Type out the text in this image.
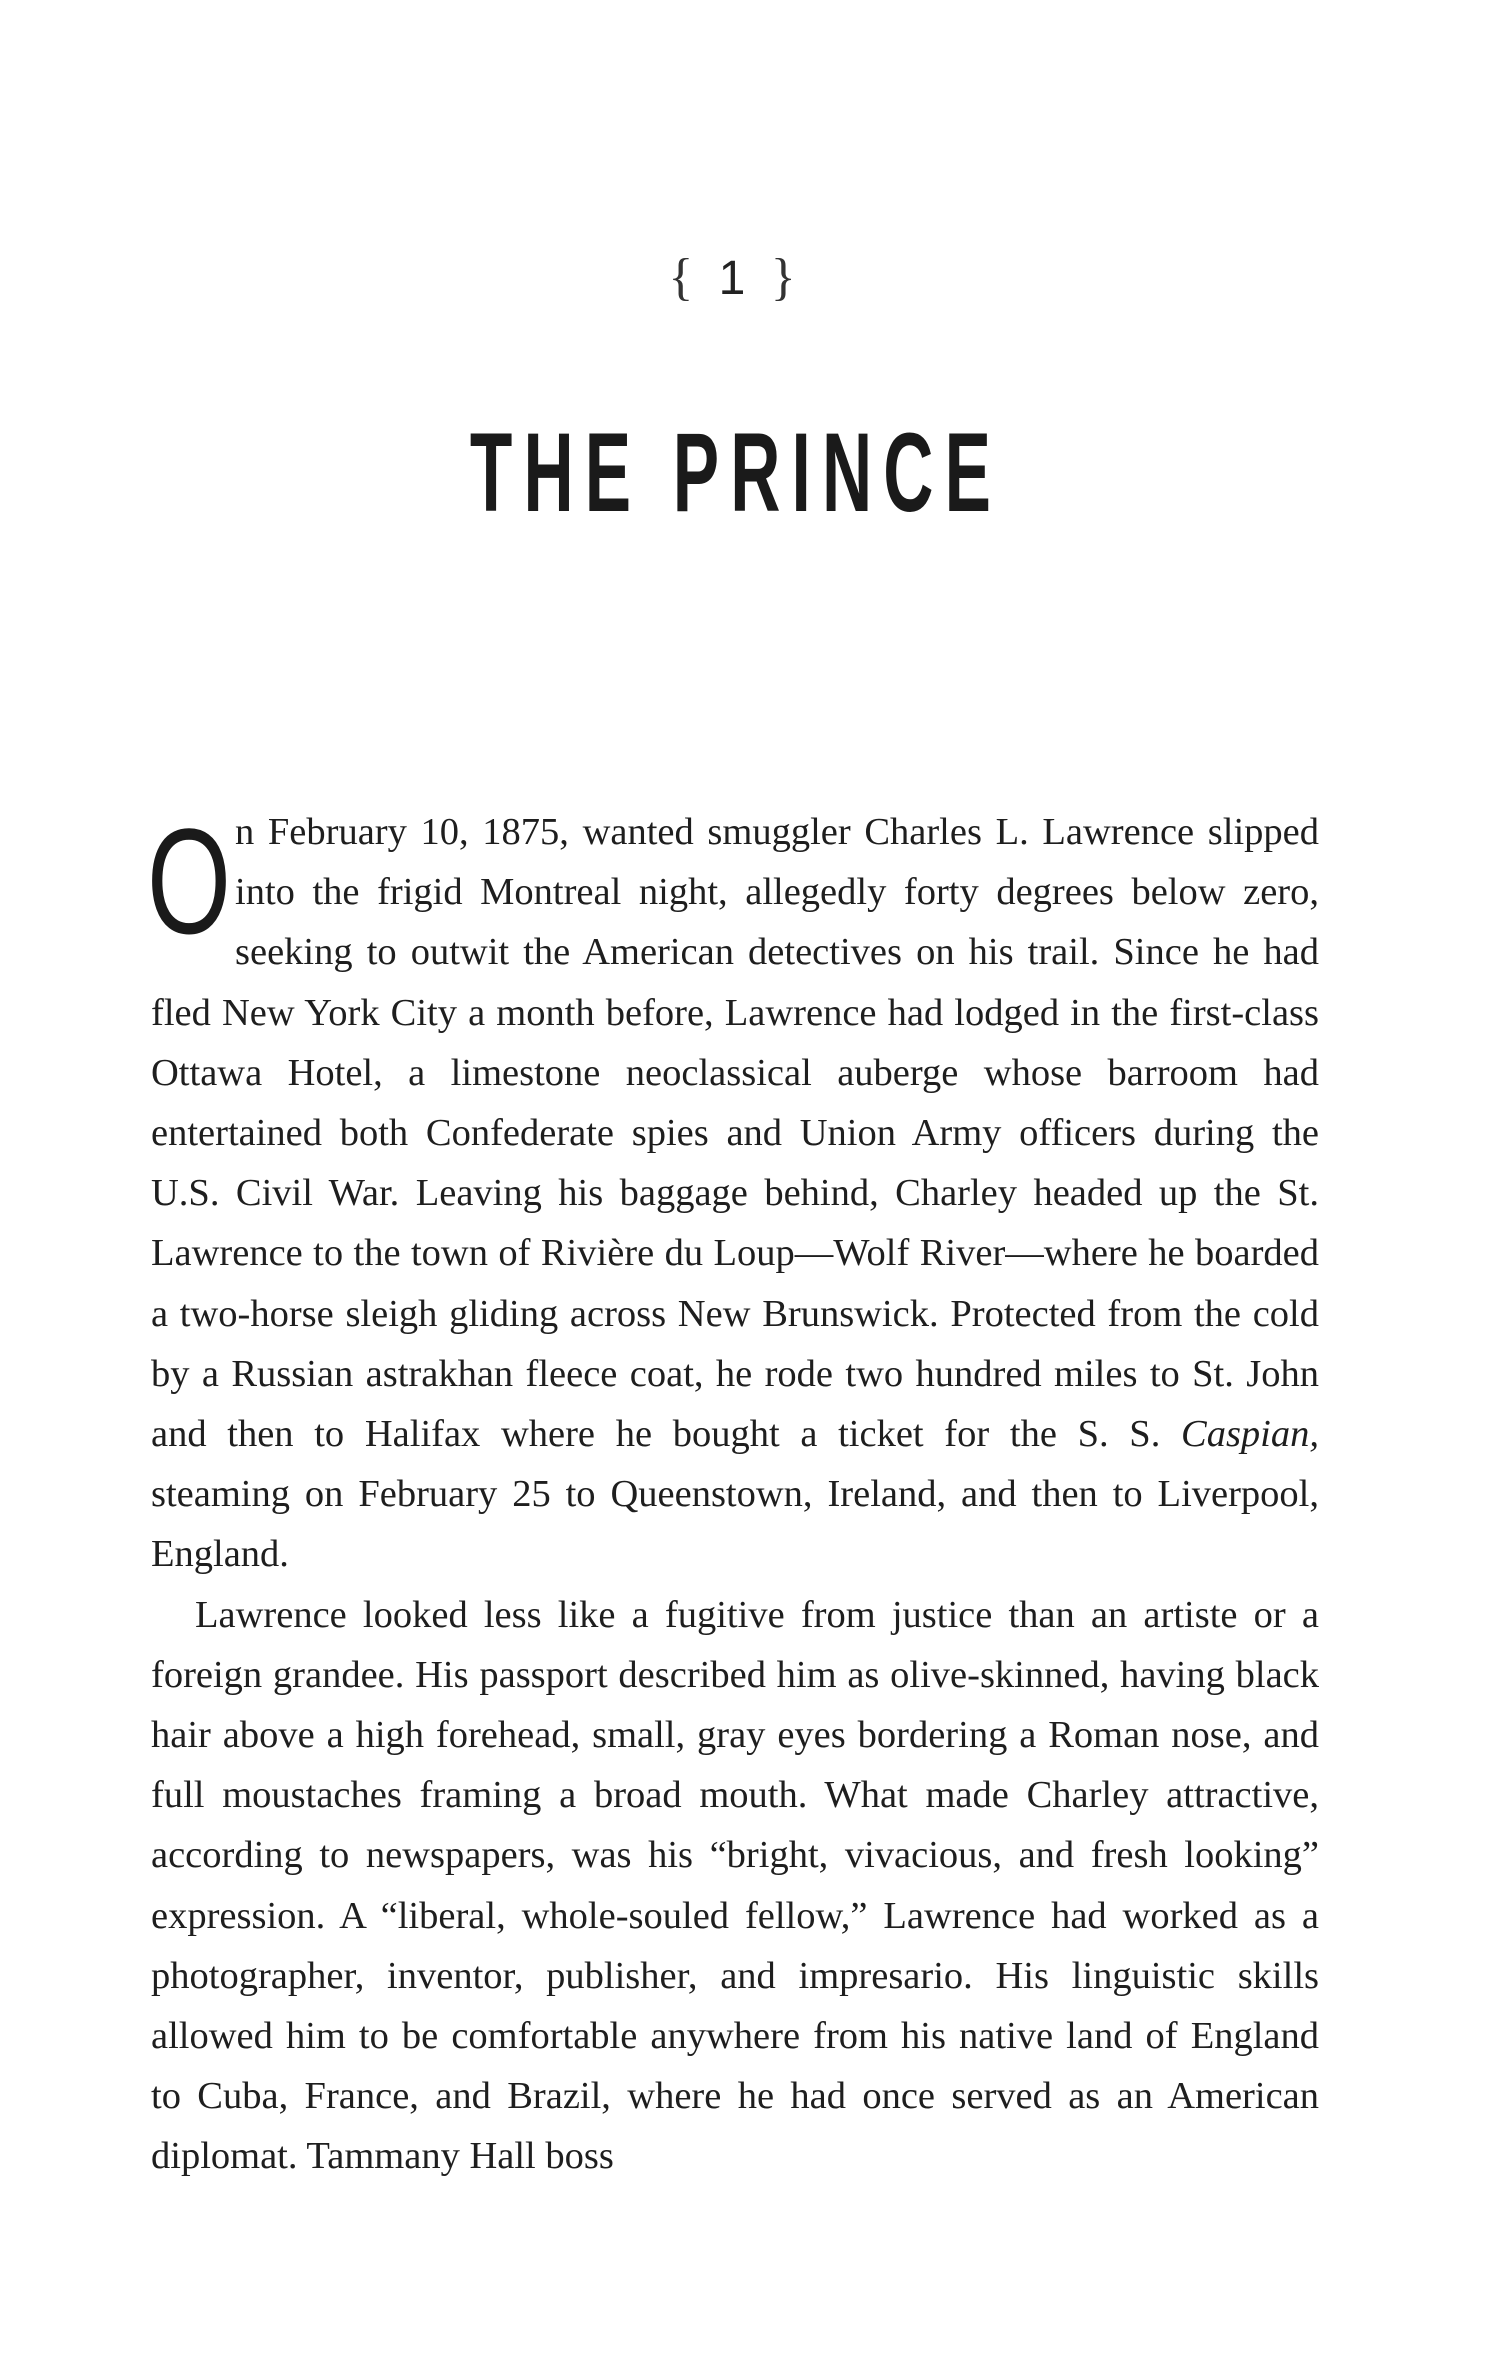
{ 1 }
THE PRINCE

On February 10, 1875, wanted smuggler Charles L. Lawrence slipped into the frigid Montreal night, allegedly forty degrees below zero, seeking to outwit the American detectives on his trail. Since he had fled New York City a month before, Lawrence had lodged in the first-class Ottawa Hotel, a limestone neoclassical auberge whose barroom had entertained both Confederate spies and Union Army officers during the U.S. Civil War. Leaving his baggage behind, Charley headed up the St. Lawrence to the town of Rivière du Loup—Wolf River—where he boarded a two-horse sleigh gliding across New Brunswick. Protected from the cold by a Russian astrakhan fleece coat, he rode two hundred miles to St. John and then to Halifax where he bought a ticket for the S. S. Caspian, steaming on February 25 to Queenstown, Ireland, and then to Liverpool, England.

Lawrence looked less like a fugitive from justice than an artiste or a foreign grandee. His passport described him as olive-skinned, having black hair above a high forehead, small, gray eyes bordering a Roman nose, and full moustaches framing a broad mouth. What made Charley attractive, according to newspapers, was his “bright, vivacious, and fresh looking” expression. A “liberal, whole-souled fellow,” Lawrence had worked as a photographer, inventor, publisher, and impresario. His linguistic skills allowed him to be comfortable anywhere from his native land of England to Cuba, France, and Brazil, where he had once served as an American diplomat. Tammany Hall boss
